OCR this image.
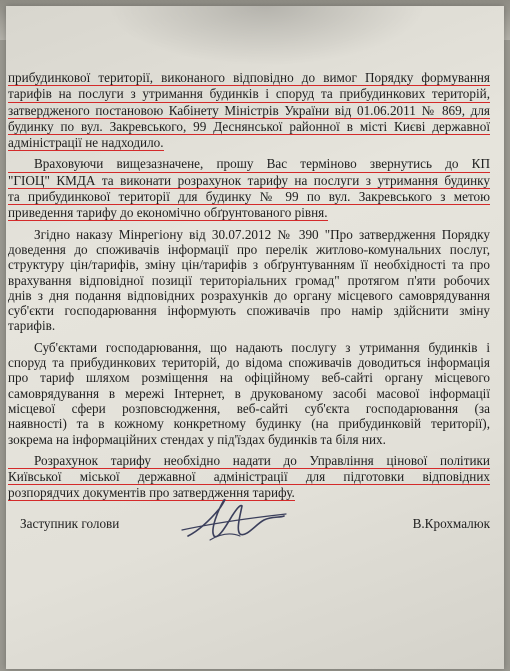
прибудинкової території, виконаного відповідно до вимог Порядку формування
тарифів на послуги з утримання будинків і споруд та прибудинкових територій,
затвердженого постановою Кабінету Міністрів України від 01.06.2011 № 869, для
будинку по вул. Закревського, 99 Деснянської районної в місті Києві державної
адміністрації не надходило.
Враховуючи вищезазначене, прошу Вас терміново звернутись до КП
"ГІОЦ" КМДА та виконати розрахунок тарифу на послуги з утримання будинку
та прибудинкової території для будинку № 99 по вул. Закревського з метою
приведення тарифу до економічно обґрунтованого рівня.
Згідно наказу Мінрегіону від 30.07.2012 № 390 "Про затвердження Порядку
доведення до споживачів інформації про перелік житлово-комунальних послуг,
структуру цін/тарифів, зміну цін/тарифів з обґрунтуванням її необхідності та про
врахування відповідної позиції територіальних громад" протягом п'яти робочих
днів з дня подання відповідних розрахунків до органу місцевого самоврядування
суб'єкти господарювання інформують споживачів про намір здійснити зміну
тарифів.
Суб'єктами господарювання, що надають послугу з утримання будинків і
споруд та прибудинкових територій, до відома споживачів доводиться інформація
про тариф шляхом розміщення на офіційному веб-сайті органу місцевого
самоврядування в мережі Інтернет, в друкованому засобі масової інформації
місцевої сфери розповсюдження, веб-сайті суб'єкта господарювання (за
наявності) та в кожному конкретному будинку (на прибудинковій території),
зокрема на інформаційних стендах у під'їздах будинків та біля них.
Розрахунок тарифу необхідно надати до Управління цінової політики
Київської міської державної адміністрації для підготовки відповідних
розпорядчих документів про затвердження тарифу.
Заступник голови	В.Крохмалюк
